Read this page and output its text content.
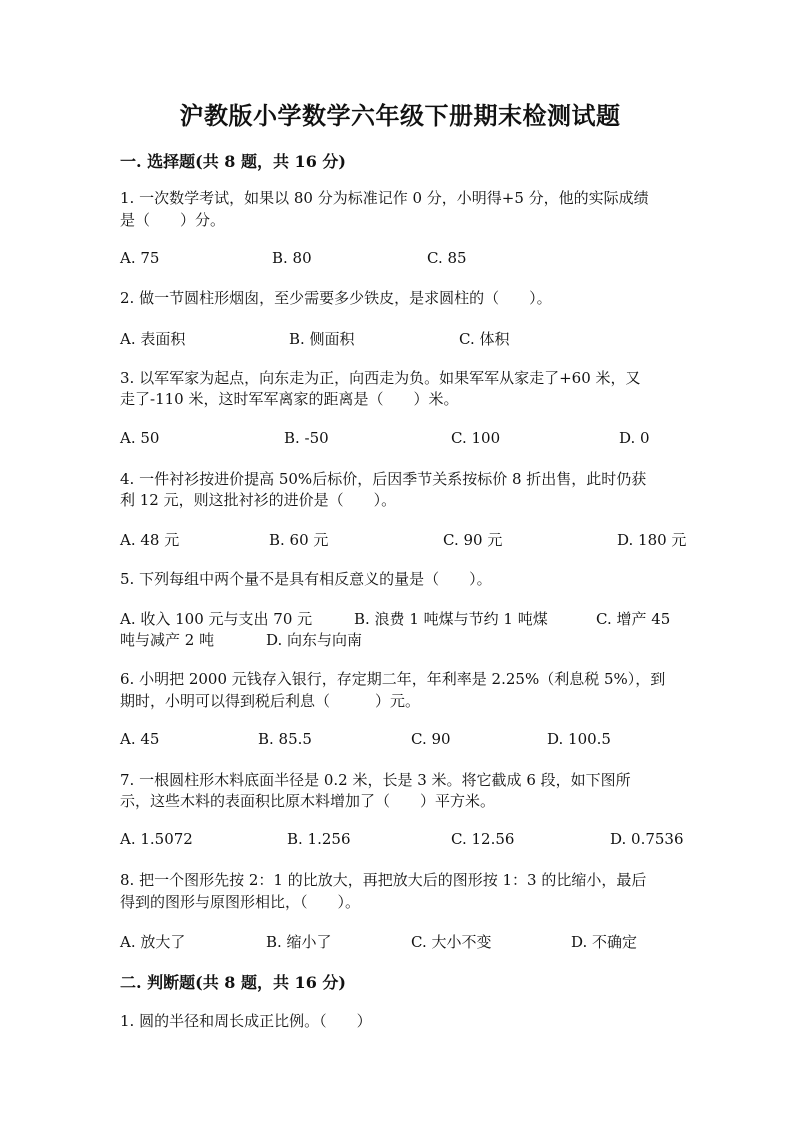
沪教版小学数学六年级下册期末检测试题
一. 选择题(共 8 题，共 16 分)
1. 一次数学考试，如果以 80 分为标准记作 0 分，小明得+5 分，他的实际成绩
是（　　）分。
A. 75	B. 80	C. 85
2. 做一节圆柱形烟囱，至少需要多少铁皮，是求圆柱的（　　）。
A. 表面积	B. 侧面积	C. 体积
3. 以军军家为起点，向东走为正，向西走为负。如果军军从家走了+60 米，又
走了-110 米，这时军军离家的距离是（　　）米。
A. 50	B. -50	C. 100	D. 0
4. 一件衬衫按进价提高 50%后标价，后因季节关系按标价 8 折出售，此时仍获
利 12 元，则这批衬衫的进价是（　　）。
A. 48 元	B. 60 元	C. 90 元	D. 180 元
5. 下列每组中两个量不是具有相反意义的量是（　　）。
A. 收入 100 元与支出 70 元	B. 浪费 1 吨煤与节约 1 吨煤	C. 增产 45
吨与减产 2 吨	D. 向东与向南
6. 小明把 2000 元钱存入银行，存定期二年，年利率是 2.25%（利息税 5%），到
期时，小明可以得到税后利息（　　　）元。
A. 45	B. 85.5	C. 90	D. 100.5
7. 一根圆柱形木料底面半径是 0.2 米，长是 3 米。将它截成 6 段，如下图所
示，这些木料的表面积比原木料增加了（　　）平方米。
A. 1.5072	B. 1.256	C. 12.56	D. 0.7536
8. 把一个图形先按 2：1 的比放大，再把放大后的图形按 1：3 的比缩小，最后
得到的图形与原图形相比，（　　）。
A. 放大了	B. 缩小了	C. 大小不变	D. 不确定
二. 判断题(共 8 题，共 16 分)
1. 圆的半径和周长成正比例。（　　）
